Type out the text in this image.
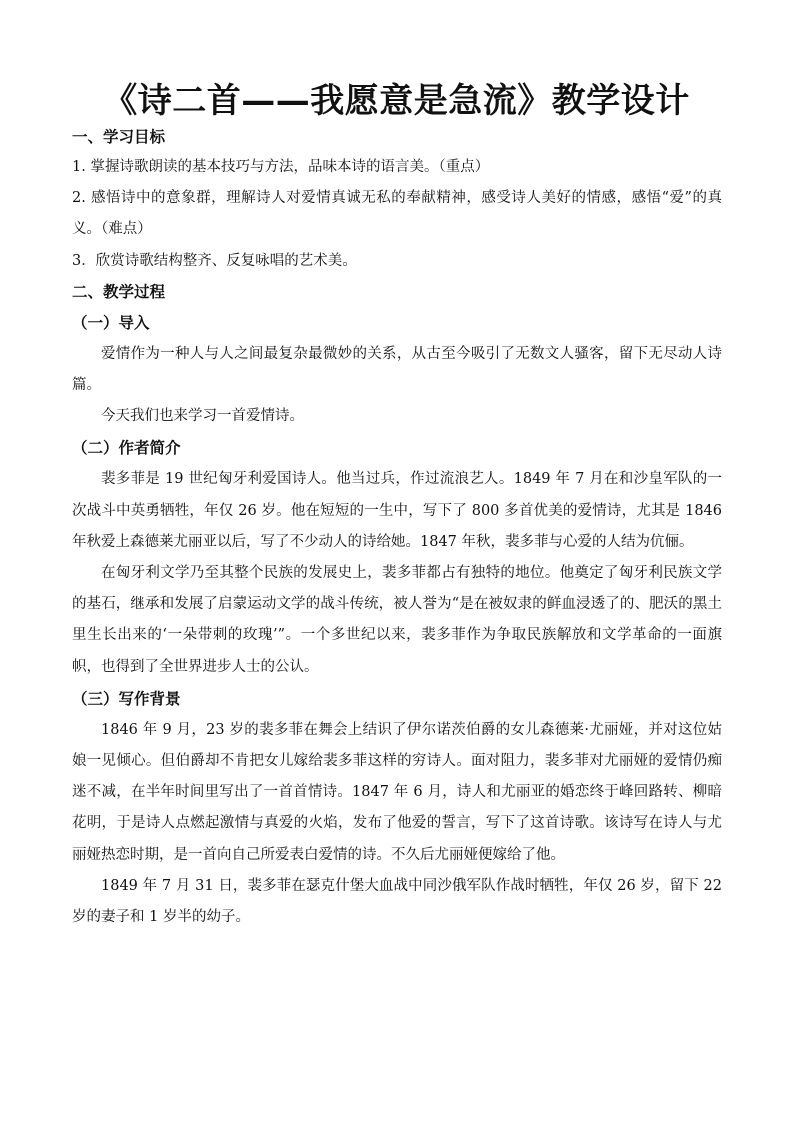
《诗二首——我愿意是急流》教学设计

一、学习目标

1. 掌握诗歌朗读的基本技巧与方法，品味本诗的语言美。（重点）

2. 感悟诗中的意象群，理解诗人对爱情真诚无私的奉献精神，感受诗人美好的情感，感悟“爱”的真义。（难点）

3．欣赏诗歌结构整齐、反复咏唱的艺术美。

二、教学过程

（一）导入

爱情作为一种人与人之间最复杂最微妙的关系，从古至今吸引了无数文人骚客，留下无尽动人诗篇。

今天我们也来学习一首爱情诗。

（二）作者简介

裴多菲是 19 世纪匈牙利爱国诗人。他当过兵，作过流浪艺人。1849 年 7 月在和沙皇军队的一次战斗中英勇牺牲，年仅 26 岁。他在短短的一生中，写下了 800 多首优美的爱情诗，尤其是 1846 年秋爱上森德莱尤丽亚以后，写了不少动人的诗给她。1847 年秋，裴多菲与心爱的人结为伉俪。

在匈牙利文学乃至其整个民族的发展史上，裴多菲都占有独特的地位。他奠定了匈牙利民族文学的基石，继承和发展了启蒙运动文学的战斗传统，被人誉为“是在被奴隶的鲜血浸透了的、肥沃的黑土里生长出来的‘一朵带刺的玫瑰’”。一个多世纪以来，裴多菲作为争取民族解放和文学革命的一面旗帜，也得到了全世界进步人士的公认。

（三）写作背景

1846 年 9 月，23 岁的裴多菲在舞会上结识了伊尔诺茨伯爵的女儿森德莱·尤丽娅，并对这位姑娘一见倾心。但伯爵却不肯把女儿嫁给裴多菲这样的穷诗人。面对阻力，裴多菲对尤丽娅的爱情仍痴迷不减，在半年时间里写出了一首首情诗。1847 年 6 月，诗人和尤丽亚的婚恋终于峰回路转、柳暗花明，于是诗人点燃起激情与真爱的火焰，发布了他爱的誓言，写下了这首诗歌。该诗写在诗人与尤丽娅热恋时期，是一首向自己所爱表白爱情的诗。不久后尤丽娅便嫁给了他。

1849 年 7 月 31 日，裴多菲在瑟克什堡大血战中同沙俄军队作战时牺牲，年仅 26 岁，留下 22 岁的妻子和 1 岁半的幼子。
